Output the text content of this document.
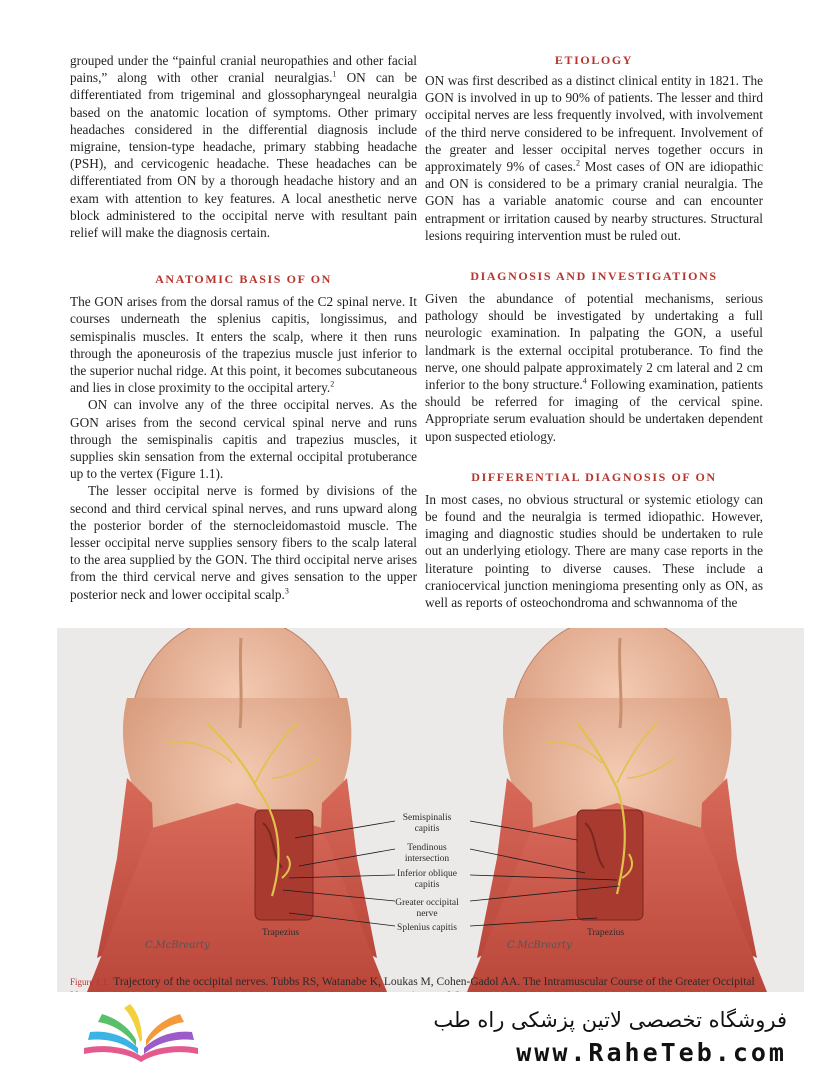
grouped under the “painful cranial neuropathies and other facial pains,” along with other cranial neuralgias.$^1$ ON can be differentiated from trigeminal and glossopharyngeal neuralgia based on the anatomic location of symptoms. Other primary headaches considered in the differential diagnosis include migraine, tension-type headache, primary stabbing headache (PSH), and cervicogenic headache. These headaches can be differentiated from ON by a thorough headache history and an exam with attention to key features. A local anesthetic nerve block administered to the occipital nerve with resultant pain relief will make the diagnosis certain.

ANATOMIC BASIS OF ON

The GON arises from the dorsal ramus of the C2 spinal nerve. It courses underneath the splenius capitis, longissimus, and semispinalis muscles. It enters the scalp, where it then runs through the aponeurosis of the trapezius muscle just inferior to the superior nuchal ridge. At this point, it becomes subcutaneous and lies in close proximity to the occipital artery.$^2$

ON can involve any of the three occipital nerves. As the GON arises from the second cervical spinal nerve and runs through the semispinalis capitis and trapezius muscles, it supplies skin sensation from the external occipital protuberance up to the vertex (Figure 1.1).

The lesser occipital nerve is formed by divisions of the second and third cervical spinal nerves, and runs upward along the posterior border of the sternocleidomastoid muscle. The lesser occipital nerve supplies sensory fibers to the scalp lateral to the area supplied by the GON. The third occipital nerve arises from the third cervical nerve and gives sensation to the upper posterior neck and lower occipital scalp.$^3$

ETIOLOGY

ON was first described as a distinct clinical entity in 1821. The GON is involved in up to 90% of patients. The lesser and third occipital nerves are less frequently involved, with involvement of the third nerve considered to be infrequent. Involvement of the greater and lesser occipital nerves together occurs in approximately 9% of cases.$^2$ Most cases of ON are idiopathic and ON is considered to be a primary cranial neuralgia. The GON has a variable anatomic course and can encounter entrapment or irritation caused by nearby structures. Structural lesions requiring intervention must be ruled out.

DIAGNOSIS AND INVESTIGATIONS

Given the abundance of potential mechanisms, serious pathology should be investigated by undertaking a full neurologic examination. In palpating the GON, a useful landmark is the external occipital protuberance. To find the nerve, one should palpate approximately 2 cm lateral and 2 cm inferior to the bony structure.$^4$ Following examination, patients should be referred for imaging of the cervical spine. Appropriate serum evaluation should be undertaken dependent upon suspected etiology.

DIFFERENTIAL DIAGNOSIS OF ON

In most cases, no obvious structural or systemic etiology can be found and the neuralgia is termed idiopathic. However, imaging and diagnostic studies should be undertaken to rule out an underlying etiology. There are many case reports in the literature pointing to diverse causes. These include a craniocervical junction meningioma presenting only as ON, as well as reports of osteochondroma and schwannoma of the

Trapezius
C.McBrearty
Trapezius
C.McBrearty
Semispinalis
capitis
Tendinous
intersection
Inferior oblique
capitis
Greater occipital
nerve
Splenius capitis
Figure 1.1. Trajectory of the occipital nerves. Tubbs RS, Watanabe K, Loukas M, Cohen-Gadol AA. The Intramuscular Course of the Greater Occipital
فروشگاه تخصصی لاتین پزشکی راه طب
www.RaheTeb.com
